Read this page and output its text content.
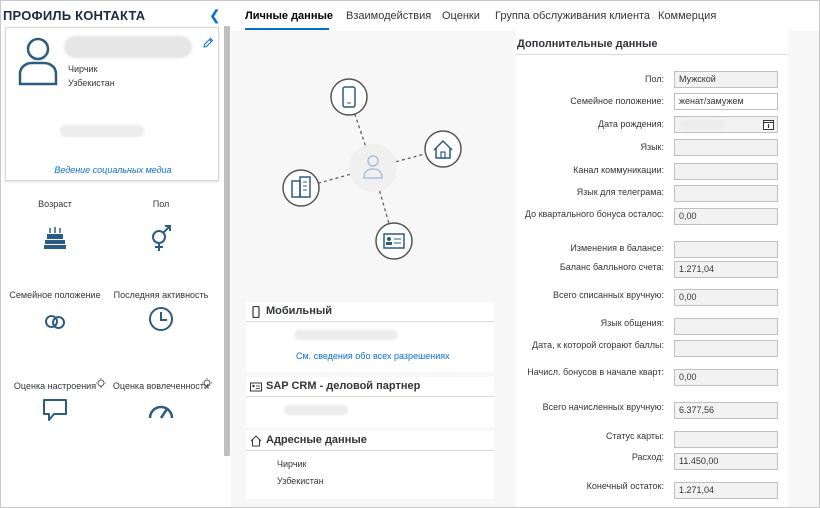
ПРОФИЛЬ КОНТАКТА	❮
Чирчик
Узбекистан
Ведение социальных медиа
Возраст	Пол
Семейное положение	Последняя активность
Оценка настроения	Оценка вовлеченности
Личные данные Взаимодействия Оценки Группа обслуживания клиента Коммерция
Мобильный
См. сведения обо всех разрешениях
SAP CRM - деловой партнер
Адресные данные
Чирчик
Узбекистан
Дополнительные данные
Пол:	Мужской
Семейное положение:	женат/замужем
Дата рождения:
Язык:
Канал коммуникации:
Язык для телеграма:
До квартального бонуса осталос:	0,00
Изменения в балансе:
Баланс балльного счета:	1.271,04
Всего списанных вручную:	0,00
Язык общения:
Дата, к которой сгорают баллы:
Начисл. бонусов в начале кварт:	0,00
Всего начисленных вручную:	6.377,56
Статус карты:
Расход:	11.450,00
Конечный остаток:	1.271,04
